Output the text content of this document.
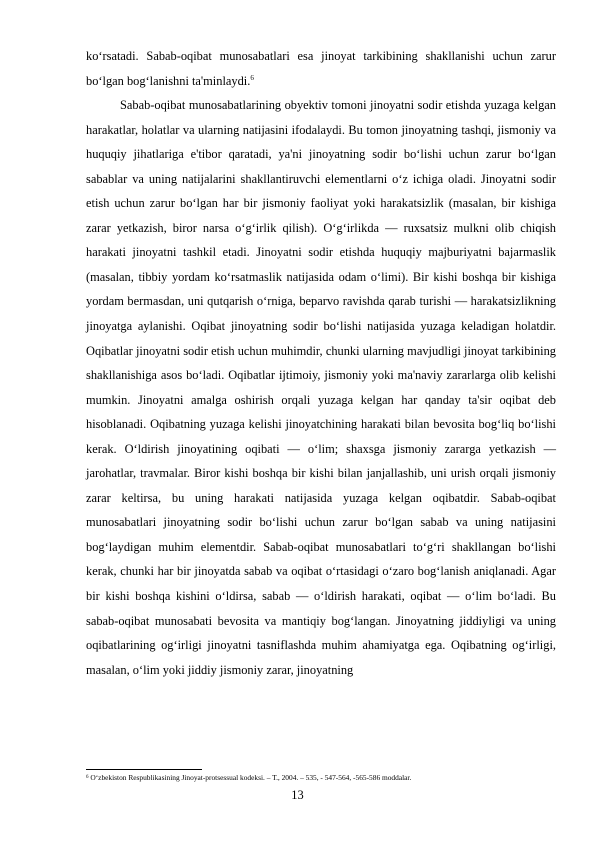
ko‘rsatadi. Sabab-oqibat munosabatlari esa jinoyat tarkibining shakllanishi uchun zarur bo‘lgan bog‘lanishni ta'minlaydi.$^6$

Sabab-oqibat munosabatlarining obyektiv tomoni jinoyatni sodir etishda yuzaga kelgan harakatlar, holatlar va ularning natijasini ifodalaydi. Bu tomon jinoyatning tashqi, jismoniy va huquqiy jihatlariga e'tibor qaratadi, ya'ni jinoyatning sodir bo‘lishi uchun zarur bo‘lgan sabablar va uning natijalarini shakllantiruvchi elementlarni o‘z ichiga oladi. Jinoyatni sodir etish uchun zarur bo‘lgan har bir jismoniy faoliyat yoki harakatsizlik (masalan, bir kishiga zarar yetkazish, biror narsa o‘g‘irlik qilish). O‘g‘irlikda — ruxsatsiz mulkni olib chiqish harakati jinoyatni tashkil etadi. Jinoyatni sodir etishda huquqiy majburiyatni bajarmaslik (masalan, tibbiy yordam ko‘rsatmaslik natijasida odam o‘limi). Bir kishi boshqa bir kishiga yordam bermasdan, uni qutqarish o‘rniga, beparvo ravishda qarab turishi — harakatsizlikning jinoyatga aylanishi. Oqibat jinoyatning sodir bo‘lishi natijasida yuzaga keladigan holatdir. Oqibatlar jinoyatni sodir etish uchun muhimdir, chunki ularning mavjudligi jinoyat tarkibining shakllanishiga asos bo‘ladi. Oqibatlar ijtimoiy, jismoniy yoki ma'naviy zararlarga olib kelishi mumkin. Jinoyatni amalga oshirish orqali yuzaga kelgan har qanday ta'sir oqibat deb hisoblanadi. Oqibatning yuzaga kelishi jinoyatchining harakati bilan bevosita bog‘liq bo‘lishi kerak. O‘ldirish jinoyatining oqibati — o‘lim; shaxsga jismoniy zararga yetkazish — jarohatlar, travmalar. Biror kishi boshqa bir kishi bilan janjallashib, uni urish orqali jismoniy zarar keltirsa, bu uning harakati natijasida yuzaga kelgan oqibatdir. Sabab-oqibat munosabatlari jinoyatning sodir bo‘lishi uchun zarur bo‘lgan sabab va uning natijasini bog‘laydigan muhim elementdir. Sabab-oqibat munosabatlari to‘g‘ri shakllangan bo‘lishi kerak, chunki har bir jinoyatda sabab va oqibat o‘rtasidagi o‘zaro bog‘lanish aniqlanadi. Agar bir kishi boshqa kishini o‘ldirsa, sabab — o‘ldirish harakati, oqibat — o‘lim bo‘ladi. Bu sabab-oqibat munosabati bevosita va mantiqiy bog‘langan. Jinoyatning jiddiyligi va uning oqibatlarining og‘irligi jinoyatni tasniflashda muhim ahamiyatga ega. Oqibatning og‘irligi, masalan, o‘lim yoki jiddiy jismoniy zarar, jinoyatning

$^6$ O‘zbekiston Respublikasining Jinoyat-protsessual kodeksi. – T., 2004. – 535, - 547-564, -565-586 moddalar.
13
